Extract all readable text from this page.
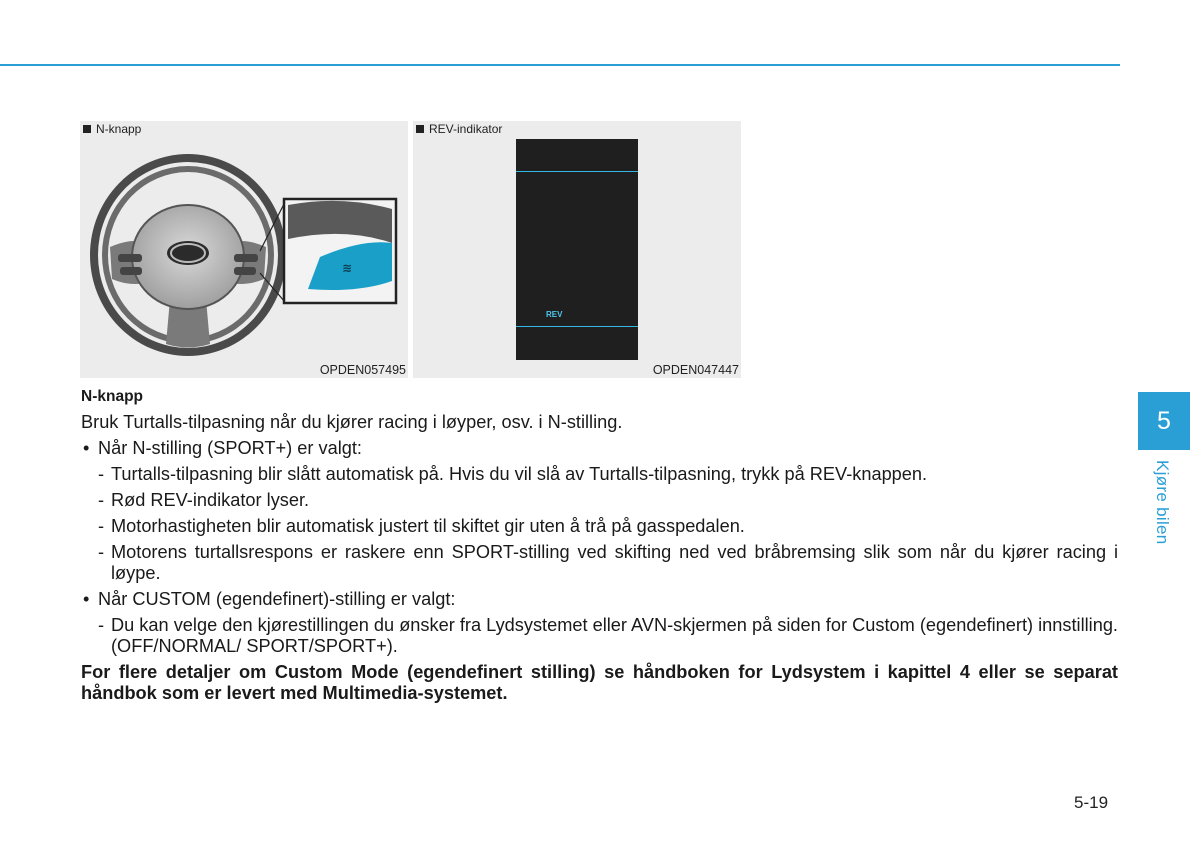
N-knapp
≋
OPDEN057495
REV-indikator
REV
OPDEN047447
N-knapp
Bruk Turtalls-tilpasning når du kjører racing i løyper, osv. i N-stilling.
• Når N-stilling (SPORT+) er valgt:
- Turtalls-tilpasning blir slått automatisk på. Hvis du vil slå av Turtalls-tilpasning, trykk på REV-knappen.
- Rød REV-indikator lyser.
- Motorhastigheten blir automatisk justert til skiftet gir uten å trå på gasspedalen.
- Motorens turtallsrespons er raskere enn SPORT-stilling ved skifting ned ved bråbremsing slik som når du kjører racing i løype.
• Når CUSTOM (egendefinert)-stilling er valgt:
- Du kan velge den kjørestillingen du ønsker fra Lydsystemet eller AVN-skjermen på siden for Custom (egendefinert) innstilling. (OFF/NORMAL/ SPORT/SPORT+).
For flere detaljer om Custom Mode (egendefinert stilling) se håndboken for Lydsystem i kapittel 4 eller se separat håndbok som er levert med Multimedia-systemet.
5
Kjøre bilen
5-19
